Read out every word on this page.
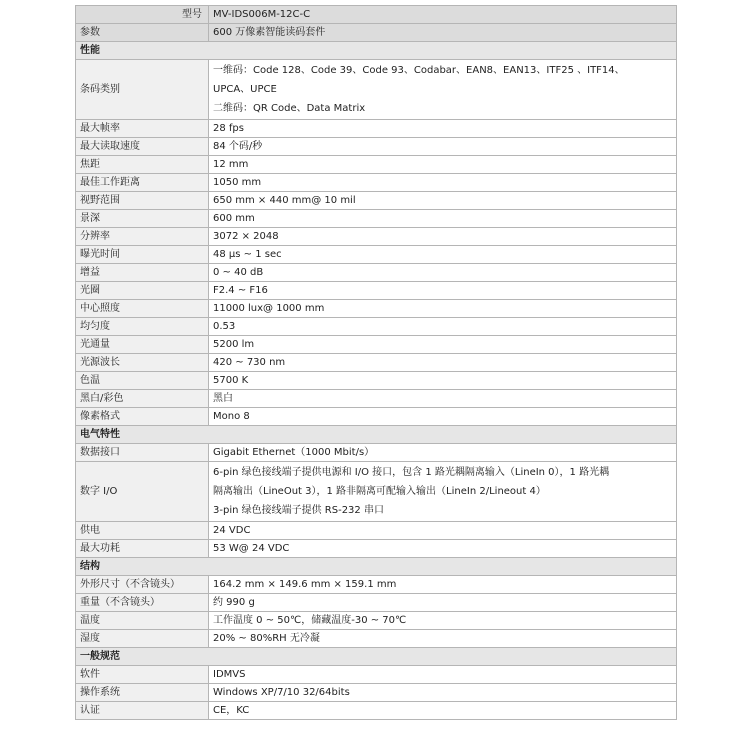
型号	MV-IDS006M-12C-C
参数	600 万像素智能读码套件
性能	
条码类别	一维码：Code 128、Code 39、Code 93、Codabar、EAN8、EAN13、ITF25 、ITF14、
UPCA、UPCE
二维码：QR Code、Data Matrix

最大帧率	28 fps

最大读取速度	84 个码/秒

焦距	12 mm

最佳工作距离	1050 mm

视野范围	650 mm × 440 mm@ 10 mil

景深	600 mm

分辨率	3072 × 2048

曝光时间	48 μs ~ 1 sec

增益	0 ~ 40 dB

光圈	F2.4 ~ F16

中心照度	11000 lux@ 1000 mm

均匀度	0.53

光通量	5200 lm

光源波长	420 ~ 730 nm

色温	5700 K

黑白/彩色	黑白

像素格式	Mono 8

电气特性	
数据接口	Gigabit Ethernet（1000 Mbit/s）

数字 I/O	6-pin 绿色接线端子提供电源和 I/O 接口，包含 1 路光耦隔离输入（LineIn 0），1 路光耦
隔离输出（LineOut 3），1 路非隔离可配输入输出（LineIn 2/Lineout 4）
3-pin 绿色接线端子提供 RS-232 串口

供电	24 VDC

最大功耗	53 W@ 24 VDC

结构	
外形尺寸（不含镜头）	164.2 mm × 149.6 mm × 159.1 mm

重量（不含镜头）	约 990 g

温度	工作温度 0 ~ 50℃，储藏温度-30 ~ 70℃

湿度	20% ~ 80%RH 无冷凝

一般规范	
软件	IDMVS

操作系统	Windows XP/7/10 32/64bits

认证	CE，KC
